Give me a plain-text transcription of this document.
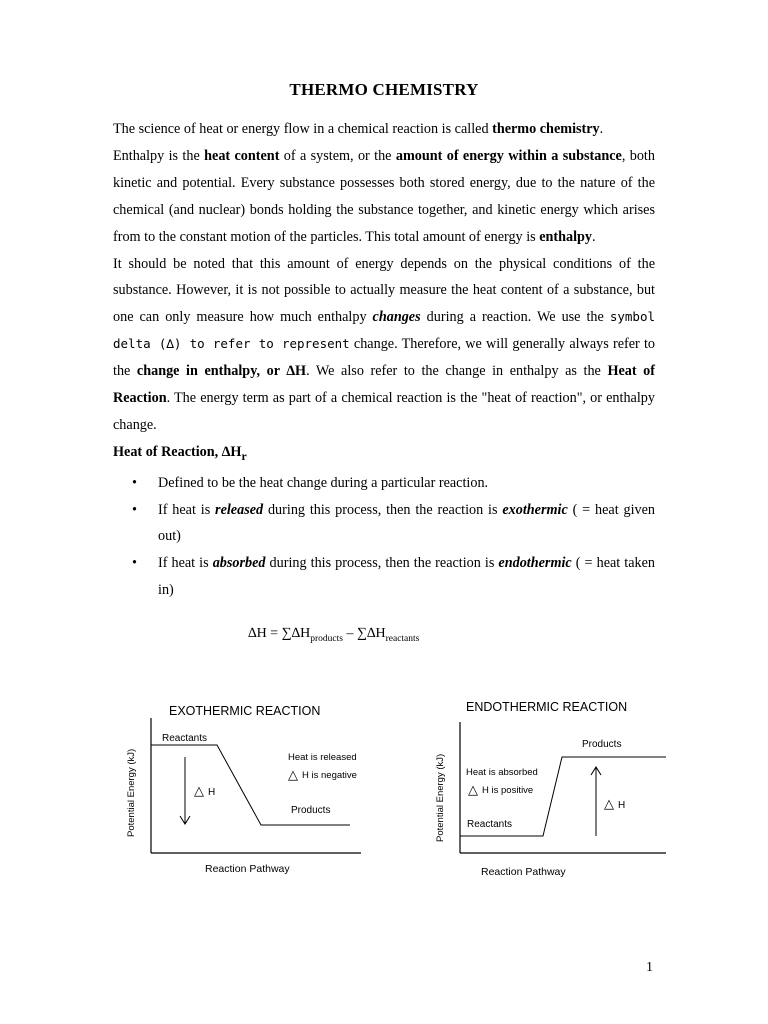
THERMO CHEMISTRY

The science of heat or energy flow in a chemical reaction is called thermo chemistry.

Enthalpy is the heat content of a system, or the amount of energy within a substance, both kinetic and potential. Every substance possesses both stored energy, due to the nature of the chemical (and nuclear) bonds holding the substance together, and kinetic energy which arises from to the constant motion of the particles. This total amount of energy is enthalpy.

It should be noted that this amount of energy depends on the physical conditions of the substance. However, it is not possible to actually measure the heat content of a substance, but one can only measure how much enthalpy changes during a reaction. We use the symbol delta (∆) to refer to represent change. Therefore, we will generally always refer to the change in enthalpy, or ∆H. We also refer to the change in enthalpy as the Heat of Reaction. The energy term as part of a chemical reaction is the "heat of reaction", or enthalpy change.

Heat of Reaction, $\Delta H_r$

• Defined to be the heat change during a particular reaction.
• If heat is released during this process, then the reaction is exothermic ( = heat given out)
• If heat is absorbed during this process, then the reaction is endothermic ( = heat taken in)
$\Delta H = \sum\Delta H_{products} - \sum\Delta H_{reactants}$
EXOTHERMIC REACTION
Potential Energy (kJ)
Reaction Pathway
Reactants
Products
Heat is released
△ H is negative
△ H
ENDOTHERMIC REACTION
Potential Energy (kJ)
Reaction Pathway
Products
Reactants
Heat is absorbed
△ H is positive
△ H
1
